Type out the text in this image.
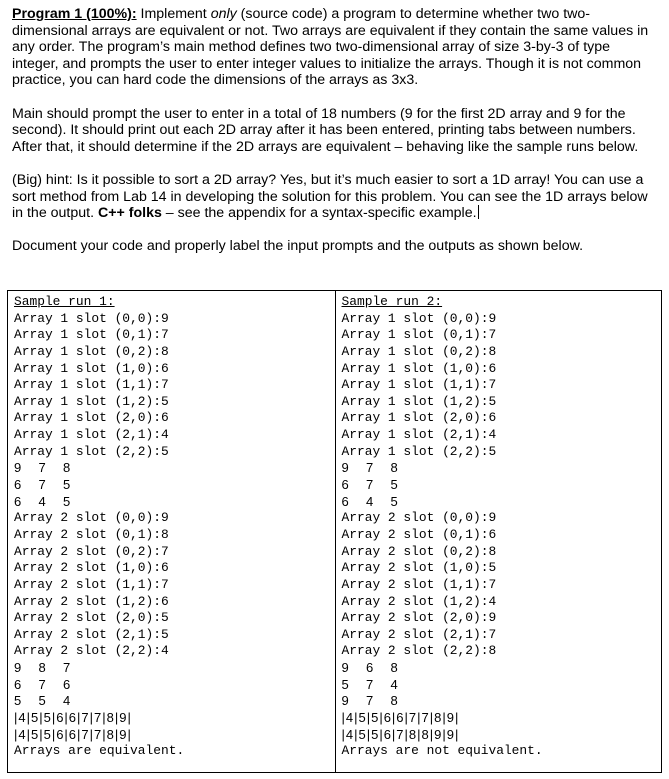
Program 1 (100%): Implement only (source code) a program to determine whether two two-dimensional arrays are equivalent or not. Two arrays are equivalent if they contain the same values in any order. The program’s main method defines two two-dimensional array of size 3-by-3 of type integer, and prompts the user to enter integer values to initialize the arrays. Though it is not common practice, you can hard code the dimensions of the arrays as 3x3.

Main should prompt the user to enter in a total of 18 numbers (9 for the first 2D array and 9 for the second). It should print out each 2D array after it has been entered, printing tabs between numbers. After that, it should determine if the 2D arrays are equivalent – behaving like the sample runs below.

(Big) hint: Is it possible to sort a 2D array? Yes, but it’s much easier to sort a 1D array! You can use a sort method from Lab 14 in developing the solution for this problem. You can see the 1D arrays below in the output. C++ folks – see the appendix for a syntax-specific example.

Document your code and properly label the input prompts and the outputs as shown below.

Sample run 1:
Array 1 slot (0,0):9
Array 1 slot (0,1):7
Array 1 slot (0,2):8
Array 1 slot (1,0):6
Array 1 slot (1,1):7
Array 1 slot (1,2):5
Array 1 slot (2,0):6
Array 1 slot (2,1):4
Array 1 slot (2,2):5
9 7 8
6 7 5
6 4 5
Array 2 slot (0,0):9
Array 2 slot (0,1):8
Array 2 slot (0,2):7
Array 2 slot (1,0):6
Array 2 slot (1,1):7
Array 2 slot (1,2):6
Array 2 slot (2,0):5
Array 2 slot (2,1):5
Array 2 slot (2,2):4
9 8 7
6 7 6
5 5 4
|4|5|5|6|6|7|7|8|9|
|4|5|5|6|6|7|7|8|9|
Arrays are equivalent.
Sample run 2:
Array 1 slot (0,0):9
Array 1 slot (0,1):7
Array 1 slot (0,2):8
Array 1 slot (1,0):6
Array 1 slot (1,1):7
Array 1 slot (1,2):5
Array 1 slot (2,0):6
Array 1 slot (2,1):4
Array 1 slot (2,2):5
9 7 8
6 7 5
6 4 5
Array 2 slot (0,0):9
Array 2 slot (0,1):6
Array 2 slot (0,2):8
Array 2 slot (1,0):5
Array 2 slot (1,1):7
Array 2 slot (1,2):4
Array 2 slot (2,0):9
Array 2 slot (2,1):7
Array 2 slot (2,2):8
9 6 8
5 7 4
9 7 8
|4|5|5|6|6|7|7|8|9|
|4|5|5|6|7|8|8|9|9|
Arrays are not equivalent.
